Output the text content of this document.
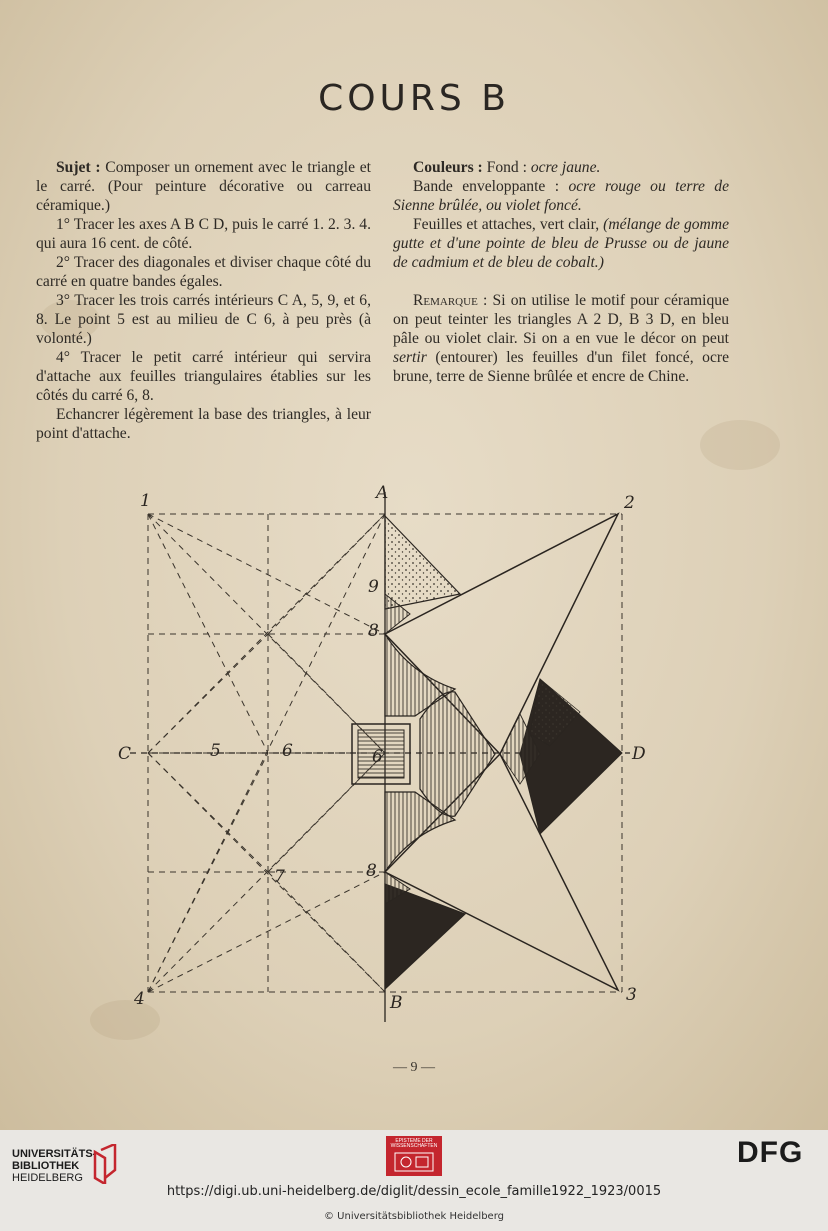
COURS B

Sujet : Composer un ornement avec le triangle et le carré. (Pour peinture décorative ou carreau céramique.)

1° Tracer les axes A B C D, puis le carré 1. 2. 3. 4. qui aura 16 cent. de côté.

2° Tracer des diagonales et diviser chaque côté du carré en quatre bandes égales.

3° Tracer les trois carrés intérieurs C A, 5, 9, et 6, 8. Le point 5 est au milieu de C 6, à peu près (à volonté.)

4° Tracer le petit carré intérieur qui servira d'attache aux feuilles triangulaires établies sur les côtés du carré 6, 8.

Echancrer légèrement la base des triangles, à leur point d'attache.

Couleurs : Fond : ocre jaune.

Bande enveloppante : ocre rouge ou terre de Sienne brûlée, ou violet foncé.

Feuilles et attaches, vert clair, (mélange de gomme gutte et d'une pointe de bleu de Prusse ou de jaune de cadmium et de bleu de cobalt.)

Remarque : Si on utilise le motif pour céramique on peut teinter les triangles A 2 D, B 3 D, en bleu pâle ou violet clair. Si on a en vue le décor on peut sertir (entourer) les feuilles d'un filet foncé, ocre brune, terre de Sienne brûlée et encre de Chine.

1	2
3
4
A
B
C	D
5	6	6
7
8
8
9
— 9 —
UNIVERSITÄTS-
BIBLIOTHEK
HEIDELBERG
EPISTEME DER WISSENSCHAFTEN	DFG
https://digi.ub.uni-heidelberg.de/diglit/dessin_ecole_famille1922_1923/0015
© Universitätsbibliothek Heidelberg
